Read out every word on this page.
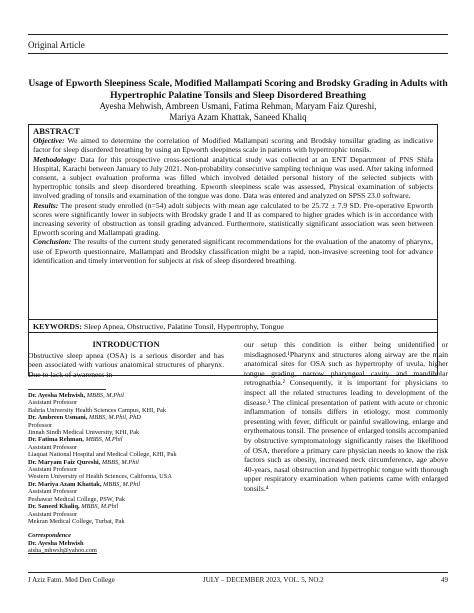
Original Article
Usage of Epworth Sleepiness Scale, Modified Mallampati Scoring and Brodsky Grading in Adults with Hypertrophic Palatine Tonsils and Sleep Disordered Breathing
Ayesha Mehwish, Ambreen Usmani, Fatima Rehman, Maryam Faiz Qureshi,
Mariya Azam Khattak, Saneed Khaliq
ABSTRACT

Objective: We aimed to determine the correlation of Modified Mallampati scoring and Brodsky tonsillar grading as indicative factor for sleep disordered breathing by using an Epworth sleepiness scale in patients with hypertrophic tonsils.

Methodology: Data for this prospective cross-sectional analytical study was collected at an ENT Department of PNS Shifa Hospital, Karachi between January to July 2021. Non-probability consecutive sampling technique was used. After taking informed consent, a subject evaluation proforma was filled which involved detailed personal history of the selected subjects with hypertrophic tonsils and sleep disordered breathing. Epworth sleepiness scale was assessed, Physical examination of subjects involved grading of tonsils and examination of the tongue was done. Data was entered and analyzed on SPSS 23.0 software.

Results: The present study enrolled (n=54) adult subjects with mean age calculated to be 25.72 ± 7.9 SD. Pre-operative Epworth scores were significantly lower in subjects with Brodsky grade I and II as compared to higher grades which is in accordance with increasing severity of obstruction as tonsil grading advanced. Furthermore, statistically significant association was seen between Epworth scoring and Mallampati grading.

Conclusion: The results of the current study generated significant recommendations for the evaluation of the anatomy of pharynx, use of Epworth questionnaire, Mallampati and Brodsky classification might be a rapid, non-invasive screening tool for advance identification and timely intervention for subjects at risk of sleep disordered breathing.

KEYWORDS: Sleep Apnea, Obstructive, Palatine Tonsil, Hypertrophy, Tongue
INTRODUCTION

Obstructive sleep apnea (OSA) is a serious disorder and has been associated with various anatomical structures of pharynx. Due to lack of awareness in

Dr. Ayesha Mehwish, MBBS, M.Phil
Assistant Professor
Bahria University Health Sciences Campus, KHI, Pak
Dr. Ambreen Usmani, MBBS, M.Phil, PhD
Professor
Jinnah Sindh Medical University, KHI, Pak
Dr. Fatima Rehman, MBBS, M.Phil
Assistant Professor
Liaquat National Hospital and Medical College, KHI, Pak
Dr. Maryam Faiz Qureshi, MBBS, M.Phil
Assistant Professor
Western University of Health Sciences, California, USA
Dr. Mariya Azam Khattak, MBBS, M.Phil
Assistant Professor
Peshawar Medical College, PSW, Pak
Dr. Saneed Khaliq, MBBS, M.Phil
Assistant Professor
Mekran Medical College, Turbat, Pak
Correspondence
Dr. Ayesha Mehwish
aisha_mhwsh@yahoo.com

our setup this condition is either being unidentified or misdiagnosed.¹Pharynx and structures along airway are the main anatomical sites for OSA such as hypertrophy of uvula, higher tongue grading, narrow pharyngeal cavity and mandibular retrognathia.² Consequently, it is important for physicians to inspect all the related structures leading to development of the disease.³ The clinical presentation of patient with acute or chronic inflammation of tonsils differs in etiology, most commonly presenting with fever, difficult or painful swallowing, enlarge and erythematous tonsil. The presence of enlarged tonsils accompanied by obstructive symptomatology significantly raises the likelihood of OSA, therefore a primary care physician needs to know the risk factors such as obesity, increased neck circumference, age above 40-years, nasal obstruction and hypertrophic tongue with thorough upper respiratory examination when patients came with enlarged tonsils.⁴

J Aziz Fatm. Med Den College	JULY – DECEMBER 2023, VOL. 5, NO.2	49
